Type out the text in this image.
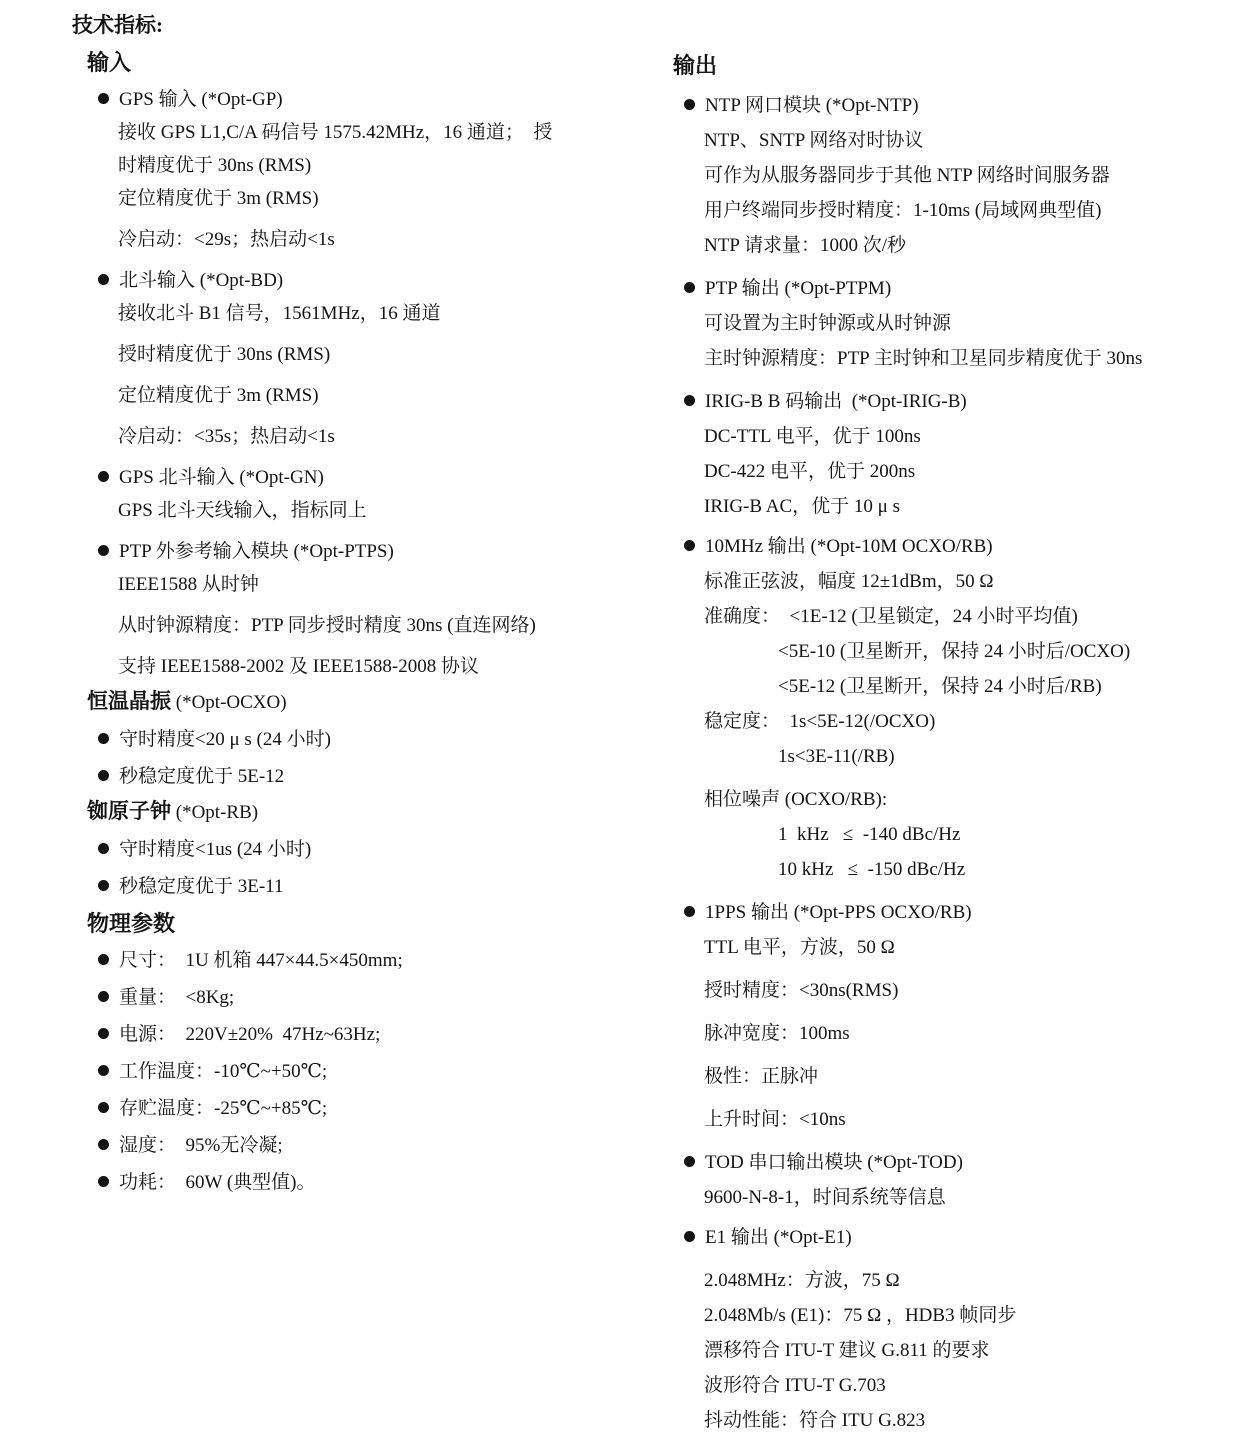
技术指标:
输入
GPS 输入 (*Opt-GP)
接收 GPS L1,C/A 码信号 1575.42MHz，16 通道；  授
时精度优于 30ns (RMS)
定位精度优于 3m (RMS)
冷启动：<29s；热启动<1s
北斗输入 (*Opt-BD)
接收北斗 B1 信号，1561MHz，16 通道
授时精度优于 30ns (RMS)
定位精度优于 3m (RMS)
冷启动：<35s；热启动<1s
GPS 北斗输入 (*Opt-GN)
GPS 北斗天线输入，指标同上
PTP 外参考输入模块 (*Opt-PTPS)
IEEE1588 从时钟
从时钟源精度：PTP 同步授时精度 30ns (直连网络)
支持 IEEE1588-2002 及 IEEE1588-2008 协议
恒温晶振 (*Opt-OCXO)
守时精度<20 μ s (24 小时)
秒稳定度优于 5E-12
铷原子钟 (*Opt-RB)
守时精度<1us (24 小时)
秒稳定度优于 3E-11
物理参数
尺寸：　1U 机箱 447×44.5×450mm;
重量：　<8Kg;
电源：　220V±20%  47Hz~63Hz;
工作温度：-10℃~+50℃;
存贮温度：-25℃~+85℃;
湿度：　95%无冷凝;
功耗：　60W (典型值)。
输出
NTP 网口模块 (*Opt-NTP)
NTP、SNTP 网络对时协议
可作为从服务器同步于其他 NTP 网络时间服务器
用户终端同步授时精度：1-10ms (局域网典型值)
NTP 请求量：1000 次/秒
PTP 输出 (*Opt-PTPM)
可设置为主时钟源或从时钟源
主时钟源精度：PTP 主时钟和卫星同步精度优于 30ns
IRIG-B B 码输出  (*Opt-IRIG-B)
DC-TTL 电平，优于 100ns
DC-422 电平，优于 200ns
IRIG-B AC，优于 10 μ s
10MHz 输出 (*Opt-10M OCXO/RB)
标准正弦波，幅度 12±1dBm，50 Ω
准确度：  <1E-12 (卫星锁定，24 小时平均值)
<5E-10 (卫星断开，保持 24 小时后/OCXO)
<5E-12 (卫星断开，保持 24 小时后/RB)
稳定度：  1s<5E-12(/OCXO)
1s<3E-11(/RB)
相位噪声 (OCXO/RB):
1  kHz   ≤  -140 dBc/Hz
10 kHz   ≤  -150 dBc/Hz
1PPS 输出 (*Opt-PPS OCXO/RB)
TTL 电平，方波，50 Ω
授时精度：<30ns(RMS)
脉冲宽度：100ms
极性：正脉冲
上升时间：<10ns
TOD 串口输出模块 (*Opt-TOD)
9600-N-8-1，时间系统等信息
E1 输出 (*Opt-E1)
2.048MHz：方波，75 Ω
2.048Mb/s (E1)：75 Ω ，HDB3 帧同步
漂移符合 ITU-T 建议 G.811 的要求
波形符合 ITU-T G.703
抖动性能：符合 ITU G.823
